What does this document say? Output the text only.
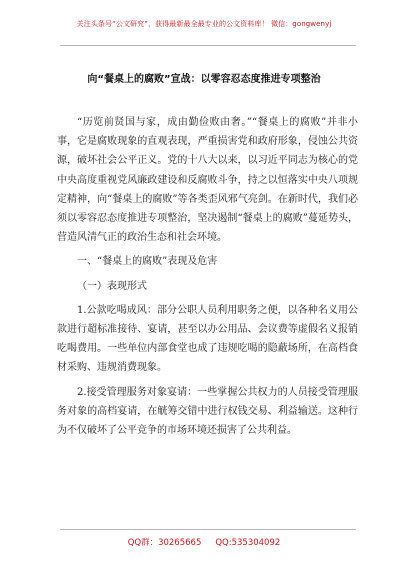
关注头条号“公文研究”，获得最新最全最专业的公文资料库！ 微信：gongwenyj
向“餐桌上的腐败”宣战：以零容忍态度推进专项整治

“历览前贤国与家，成由勤俭败由奢。”“餐桌上的腐败”并非小事，它是腐败现象的直观表现，严重损害党和政府形象，侵蚀公共资源，破坏社会公平正义。党的十八大以来，以习近平同志为核心的党中央高度重视党风廉政建设和反腐败斗争，持之以恒落实中央八项规定精神，向“餐桌上的腐败”等各类歪风邪气亮剑。在新时代，我们必须以零容忍态度推进专项整治，坚决遏制“餐桌上的腐败”蔓延势头，营造风清气正的政治生态和社会环境。

一、“餐桌上的腐败”表现及危害

（一）表现形式

1.公款吃喝成风：部分公职人员利用职务之便，以各种名义用公款进行超标准接待、宴请，甚至以办公用品、会议费等虚假名义报销吃喝费用。一些单位内部食堂也成了违规吃喝的隐蔽场所，在高档食材采购、违规消费现象。

2.接受管理服务对象宴请：一些掌握公共权力的人员接受管理服务对象的高档宴请，在觥筹交错中进行权钱交易、利益输送。这种行为不仅破坏了公平竞争的市场环境还损害了公共利益。

QQ群：30265665 QQ:535304092
